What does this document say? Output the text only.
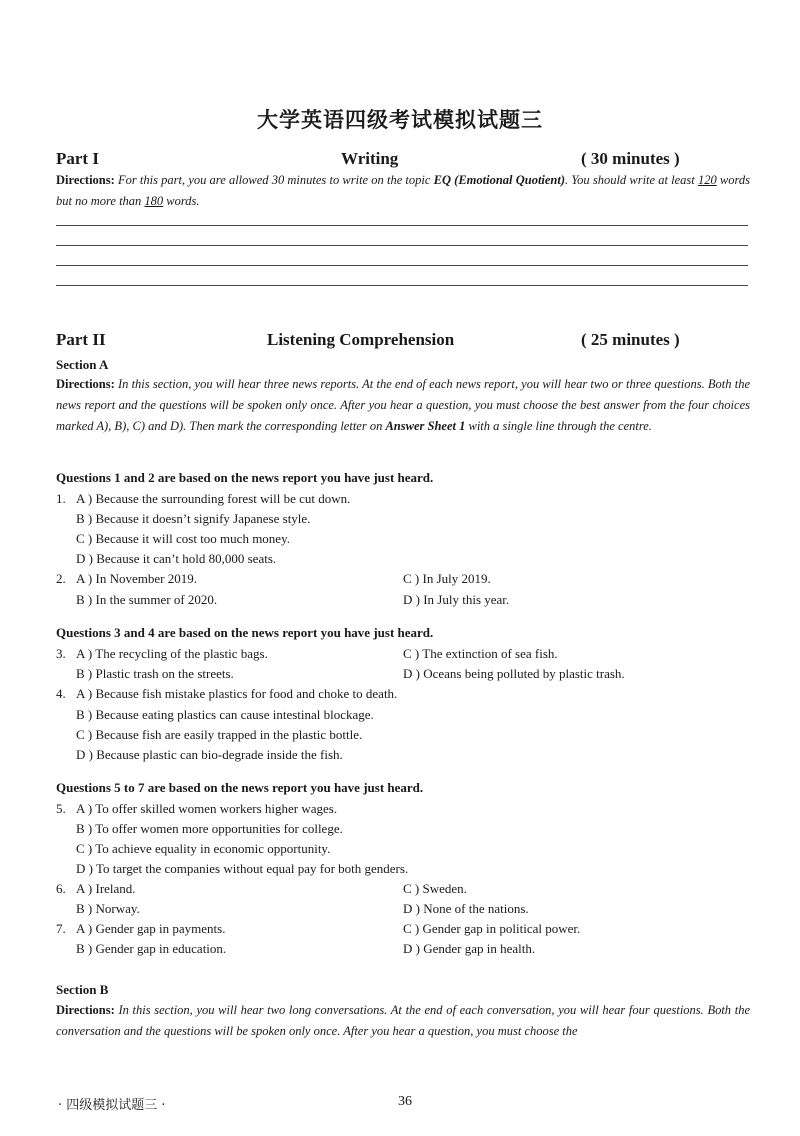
大学英语四级考试模拟试题三
Part I	Writing	( 30 minutes )
Directions: For this part, you are allowed 30 minutes to write on the topic EQ (Emotional Quotient). You should write at least 120 words but no more than 180 words.
Part II	Listening Comprehension	( 25 minutes )
Section A
Directions: In this section, you will hear three news reports. At the end of each news report, you will hear two or three questions. Both the news report and the questions will be spoken only once. After you hear a question, you must choose the best answer from the four choices marked A), B), C) and D). Then mark the corresponding letter on Answer Sheet 1 with a single line through the centre.
Questions 1 and 2 are based on the news report you have just heard.
1. A ) Because the surrounding forest will be cut down.
B ) Because it doesn’t signify Japanese style.
C ) Because it will cost too much money.
D ) Because it can’t hold 80,000 seats.
2. A ) In November 2019.
B ) In the summer of 2020.
C ) In July 2019.
D ) In July this year.
Questions 3 and 4 are based on the news report you have just heard.
3. A ) The recycling of the plastic bags.
B ) Plastic trash on the streets.
C ) The extinction of sea fish.
D ) Oceans being polluted by plastic trash.
4. A ) Because fish mistake plastics for food and choke to death.
B ) Because eating plastics can cause intestinal blockage.
C ) Because fish are easily trapped in the plastic bottle.
D ) Because plastic can bio-degrade inside the fish.
Questions 5 to 7 are based on the news report you have just heard.
5. A ) To offer skilled women workers higher wages.
B ) To offer women more opportunities for college.
C ) To achieve equality in economic opportunity.
D ) To target the companies without equal pay for both genders.
6. A ) Ireland.
B ) Norway.
C ) Sweden.
D ) None of the nations.
7. A ) Gender gap in payments.
B ) Gender gap in education.
C ) Gender gap in political power.
D ) Gender gap in health.
Section B
Directions: In this section, you will hear two long conversations. At the end of each conversation, you will hear four questions. Both the conversation and the questions will be spoken only once. After you hear a question, you must choose the
· 四级模拟试题三 ·	36
